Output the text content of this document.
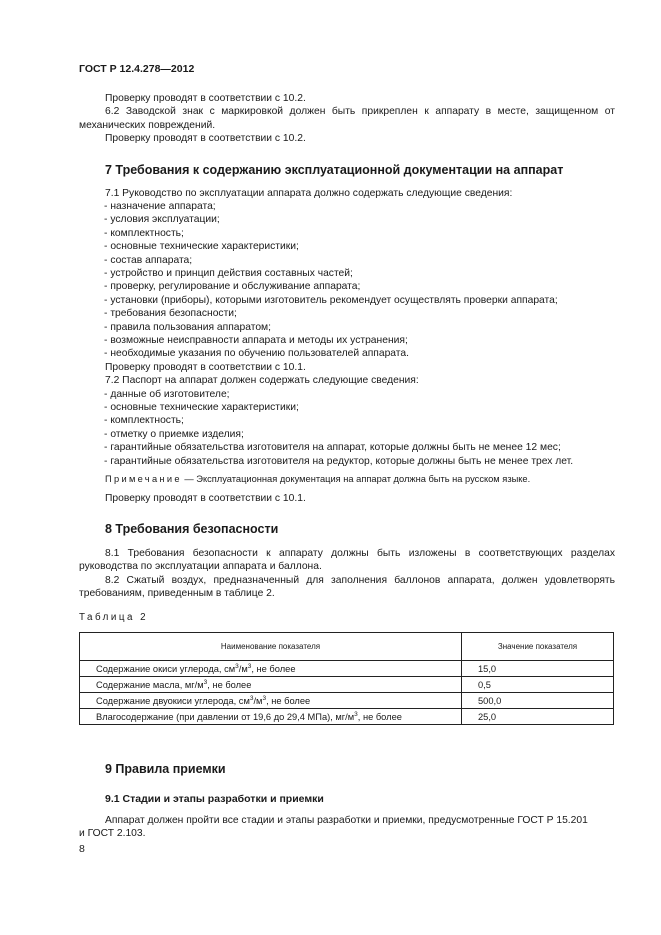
ГОСТ Р 12.4.278—2012
Проверку проводят в соответствии с 10.2.
6.2 Заводской знак с маркировкой должен быть прикреплен к аппарату в месте, защищенном от
механических повреждений.
Проверку проводят в соответствии с 10.2.
7 Требования к содержанию эксплуатационной документации на аппарат
7.1 Руководство по эксплуатации аппарата должно содержать следующие сведения:
- назначение аппарата;
- условия эксплуатации;
- комплектность;
- основные технические характеристики;
- состав аппарата;
- устройство и принцип действия составных частей;
- проверку, регулирование и обслуживание аппарата;
- установки (приборы), которыми изготовитель рекомендует осуществлять проверки аппарата;
- требования безопасности;
- правила пользования аппаратом;
- возможные неисправности аппарата и методы их устранения;
- необходимые указания по обучению пользователей аппарата.
Проверку проводят в соответствии с 10.1.
7.2 Паспорт на аппарат должен содержать следующие сведения:
- данные об изготовителе;
- основные технические характеристики;
- комплектность;
- отметку о приемке изделия;
- гарантийные обязательства изготовителя на аппарат, которые должны быть не менее 12 мес;
- гарантийные обязательства изготовителя на редуктор, которые должны быть не менее трех лет.
Примечание — Эксплуатационная документация на аппарат должна быть на русском языке.
Проверку проводят в соответствии с 10.1.
8 Требования безопасности
8.1 Требования безопасности к аппарату должны быть изложены в соответствующих разделах
руководства по эксплуатации аппарата и баллона.
8.2 Сжатый воздух, предназначенный для заполнения баллонов аппарата, должен удовлетворять
требованиям, приведенным в таблице 2.
Таблица 2
Наименование показателя	Значение показателя
Содержание окиси углерода, $см^3/м^3$, не более	15,0
Содержание масла, $мг/м^3$, не более	0,5
Содержание двуокиси углерода, $см^3/м^3$, не более	500,0
Влагосодержание (при давлении от 19,6 до 29,4 МПа), $мг/м^3$, не более	25,0
9 Правила приемки
9.1 Стадии и этапы разработки и приемки
Аппарат должен пройти все стадии и этапы разработки и приемки, предусмотренные ГОСТ Р 15.201
и ГОСТ 2.103.
8
